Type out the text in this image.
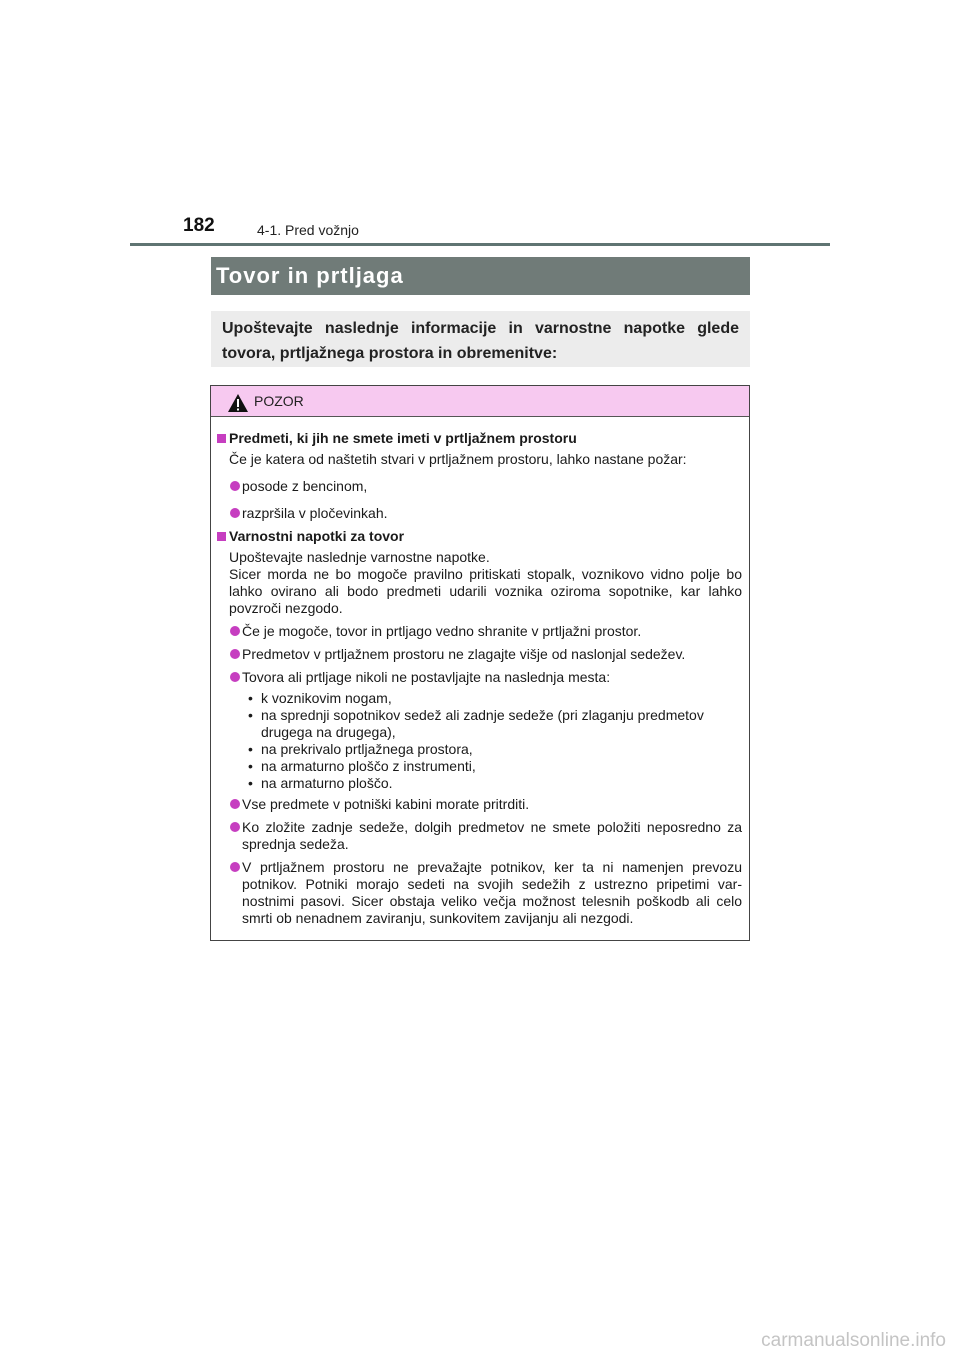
182	4-1. Pred vožnjo
Tovor in prtljaga
Upoštevajte naslednje informacije in varnostne napotke glede tovora, prtljažnega prostora in obremenitve:
POZOR
Predmeti, ki jih ne smete imeti v prtljažnem prostoru
Če je katera od naštetih stvari v prtljažnem prostoru, lahko nastane požar:
posode z bencinom,
razpršila v pločevinkah.
Varnostni napotki za tovor
Upoštevajte naslednje varnostne napotke.
Sicer morda ne bo mogoče pravilno pritiskati stopalk, voznikovo vidno polje bo lahko ovirano ali bodo predmeti udarili voznika oziroma sopotnike, kar lahko povzroči nezgodo.
Če je mogoče, tovor in prtljago vedno shranite v prtljažni prostor.
Predmetov v prtljažnem prostoru ne zlagajte višje od naslonjal sedežev.
Tovora ali prtljage nikoli ne postavljajte na naslednja mesta:
• k voznikovim nogam,
• na sprednji sopotnikov sedež ali zadnje sedeže (pri zlaganju predmetov drugega na drugega),
• na prekrivalo prtljažnega prostora,
• na armaturno ploščo z instrumenti,
• na armaturno ploščo.
Vse predmete v potniški kabini morate pritrditi.
Ko zložite zadnje sedeže, dolgih predmetov ne smete položiti neposredno za sprednja sedeža.
V prtljažnem prostoru ne prevažajte potnikov, ker ta ni namenjen prevozu potnikov. Potniki morajo sedeti na svojih sedežih z ustrezno pripetimi var-nostnimi pasovi. Sicer obstaja veliko večja možnost telesnih poškodb ali celo smrti ob nenadnem zaviranju, sunkovitem zavijanju ali nezgodi.
carmanualsonline.info
